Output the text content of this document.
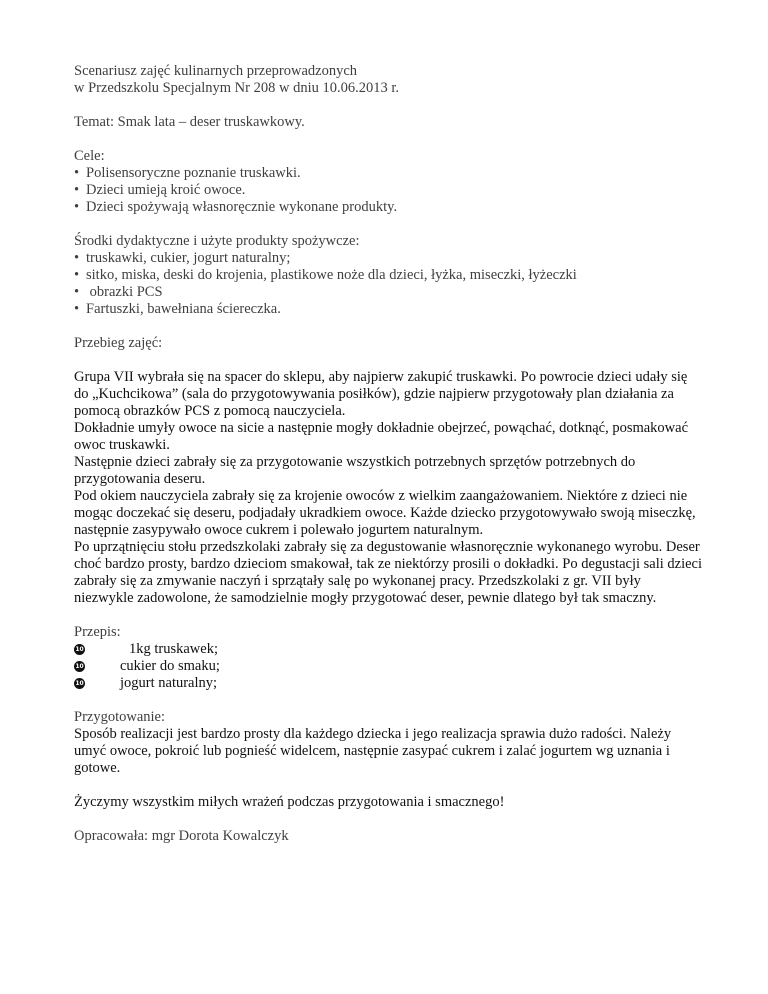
Scenariusz zajęć kulinarnych przeprowadzonych

w Przedszkolu Specjalnym Nr 208 w dniu 10.06.2013 r.

Temat: Smak lata – deser truskawkowy.

Cele:

• Polisensoryczne poznanie truskawki.
• Dzieci umieją kroić owoce.
• Dzieci spożywają własnoręcznie wykonane produkty.

Środki dydaktyczne i użyte produkty spożywcze:

• truskawki, cukier, jogurt naturalny;
• sitko, miska, deski do krojenia, plastikowe noże dla dzieci, łyżka, miseczki, łyżeczki
• obrazki PCS
• Fartuszki, bawełniana ściereczka.

Przebieg zajęć:

Grupa VII wybrała się na spacer do sklepu, aby najpierw zakupić truskawki. Po powrocie dzieci udały się do „Kuchcikowa” (sala do przygotowywania posiłków), gdzie najpierw przygotowały plan działania za pomocą obrazków PCS z pomocą nauczyciela.

Dokładnie umyły owoce na sicie a następnie mogły dokładnie obejrzeć, powąchać, dotknąć, posmakować owoc truskawki.

Następnie dzieci zabrały się za przygotowanie wszystkich potrzebnych sprzętów potrzebnych do przygotowania deseru.

Pod okiem nauczyciela zabrały się za krojenie owoców z wielkim zaangażowaniem. Niektóre z dzieci nie mogąc doczekać się deseru, podjadały ukradkiem owoce. Każde dziecko przygotowywało swoją miseczkę, następnie zasypywało owoce cukrem i polewało jogurtem naturalnym.

Po uprzątnięciu stołu przedszkolaki zabrały się za degustowanie własnoręcznie wykonanego wyrobu. Deser choć bardzo prosty, bardzo dzieciom smakował, tak ze niektórzy prosili o dokładki. Po degustacji sali dzieci zabrały się za zmywanie naczyń i sprzątały salę po wykonanej pracy. Przedszkolaki z gr. VII były niezwykle zadowolone, że samodzielnie mogły przygotować deser, pewnie dlatego był tak smaczny.

Przepis:

10	1kg truskawek;
10	cukier do smaku;
10	jogurt naturalny;

Przygotowanie:

Sposób realizacji jest bardzo prosty dla każdego dziecka i jego realizacja sprawia dużo radości. Należy umyć owoce, pokroić lub pognieść widelcem, następnie zasypać cukrem i zalać jogurtem wg uznania i gotowe.

Życzymy wszystkim miłych wrażeń podczas przygotowania i smacznego!

Opracowała: mgr Dorota Kowalczyk
